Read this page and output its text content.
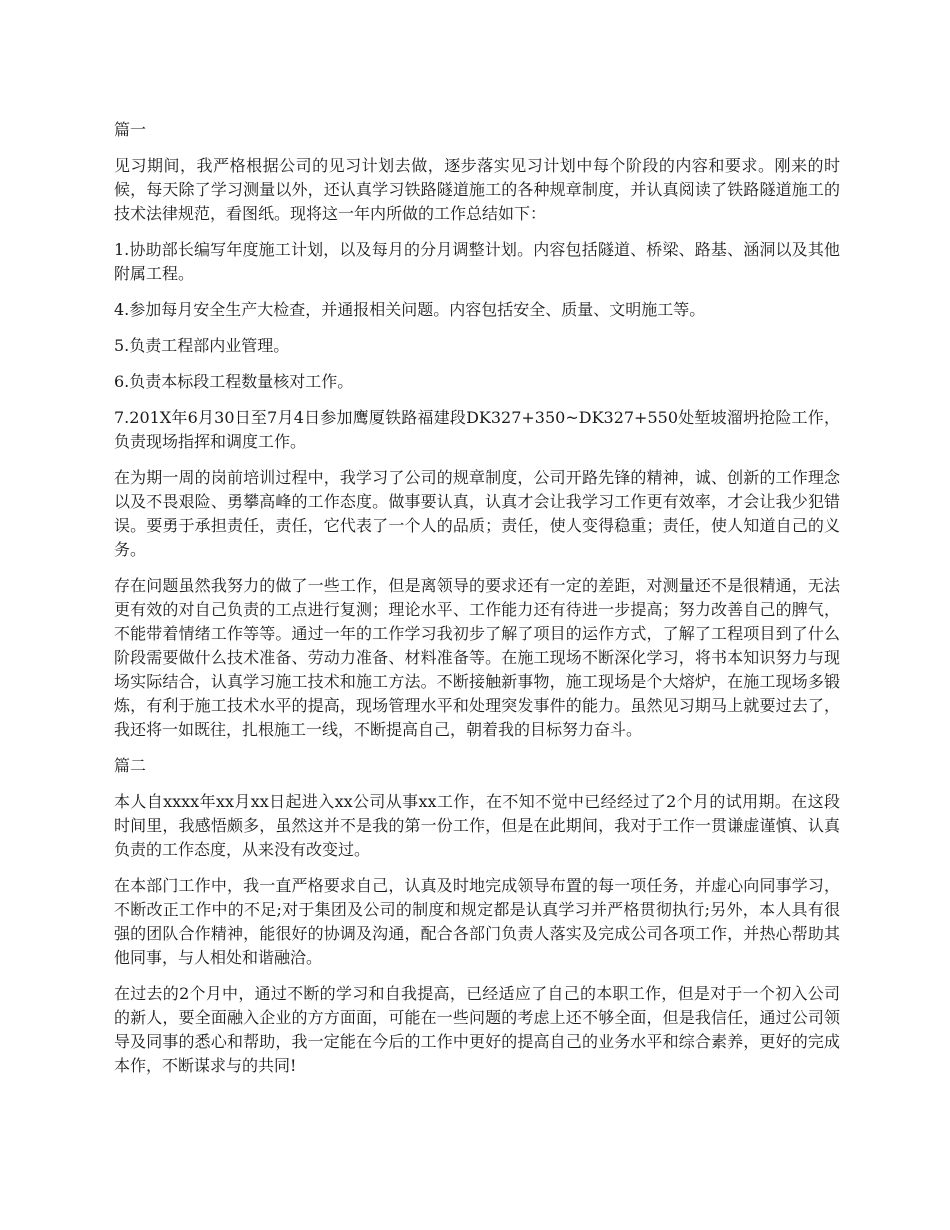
篇一

见习期间，我严格根据公司的见习计划去做，逐步落实见习计划中每个阶段的内容和要求。刚来的时候，每天除了学习测量以外，还认真学习铁路隧道施工的各种规章制度，并认真阅读了铁路隧道施工的技术法律规范，看图纸。现将这一年内所做的工作总结如下：

1.协助部长编写年度施工计划，以及每月的分月调整计划。内容包括隧道、桥梁、路基、涵洞以及其他附属工程。

4.参加每月安全生产大检查，并通报相关问题。内容包括安全、质量、文明施工等。

5.负责工程部内业管理。

6.负责本标段工程数量核对工作。

7.201X年6月30日至7月4日参加鹰厦铁路福建段DK327+350~DK327+550处堑坡溜坍抢险工作，负责现场指挥和调度工作。

在为期一周的岗前培训过程中，我学习了公司的规章制度，公司开路先锋的精神，诚、创新的工作理念以及不畏艰险、勇攀高峰的工作态度。做事要认真，认真才会让我学习工作更有效率，才会让我少犯错误。要勇于承担责任，责任，它代表了一个人的品质；责任，使人变得稳重；责任，使人知道自己的义务。

存在问题虽然我努力的做了一些工作，但是离领导的要求还有一定的差距，对测量还不是很精通，无法更有效的对自己负责的工点进行复测；理论水平、工作能力还有待进一步提高；努力改善自己的脾气，不能带着情绪工作等等。通过一年的工作学习我初步了解了项目的运作方式，了解了工程项目到了什么阶段需要做什么技术准备、劳动力准备、材料准备等。在施工现场不断深化学习，将书本知识努力与现场实际结合，认真学习施工技术和施工方法。不断接触新事物，施工现场是个大熔炉，在施工现场多锻炼，有利于施工技术水平的提高，现场管理水平和处理突发事件的能力。虽然见习期马上就要过去了，我还将一如既往，扎根施工一线，不断提高自己，朝着我的目标努力奋斗。

篇二

本人自xxxx年xx月xx日起进入xx公司从事xx工作，在不知不觉中已经经过了2个月的试用期。在这段时间里，我感悟颇多，虽然这并不是我的第一份工作，但是在此期间，我对于工作一贯谦虚谨慎、认真负责的工作态度，从来没有改变过。

在本部门工作中，我一直严格要求自己，认真及时地完成领导布置的每一项任务，并虚心向同事学习，不断改正工作中的不足;对于集团及公司的制度和规定都是认真学习并严格贯彻执行;另外，本人具有很强的团队合作精神，能很好的协调及沟通，配合各部门负责人落实及完成公司各项工作，并热心帮助其他同事，与人相处和谐融洽。

在过去的2个月中，通过不断的学习和自我提高，已经适应了自己的本职工作，但是对于一个初入公司的新人，要全面融入企业的方方面面，可能在一些问题的考虑上还不够全面，但是我信任，通过公司领导及同事的悉心和帮助，我一定能在今后的工作中更好的提高自己的业务水平和综合素养，更好的完成本作，不断谋求与的共同!
